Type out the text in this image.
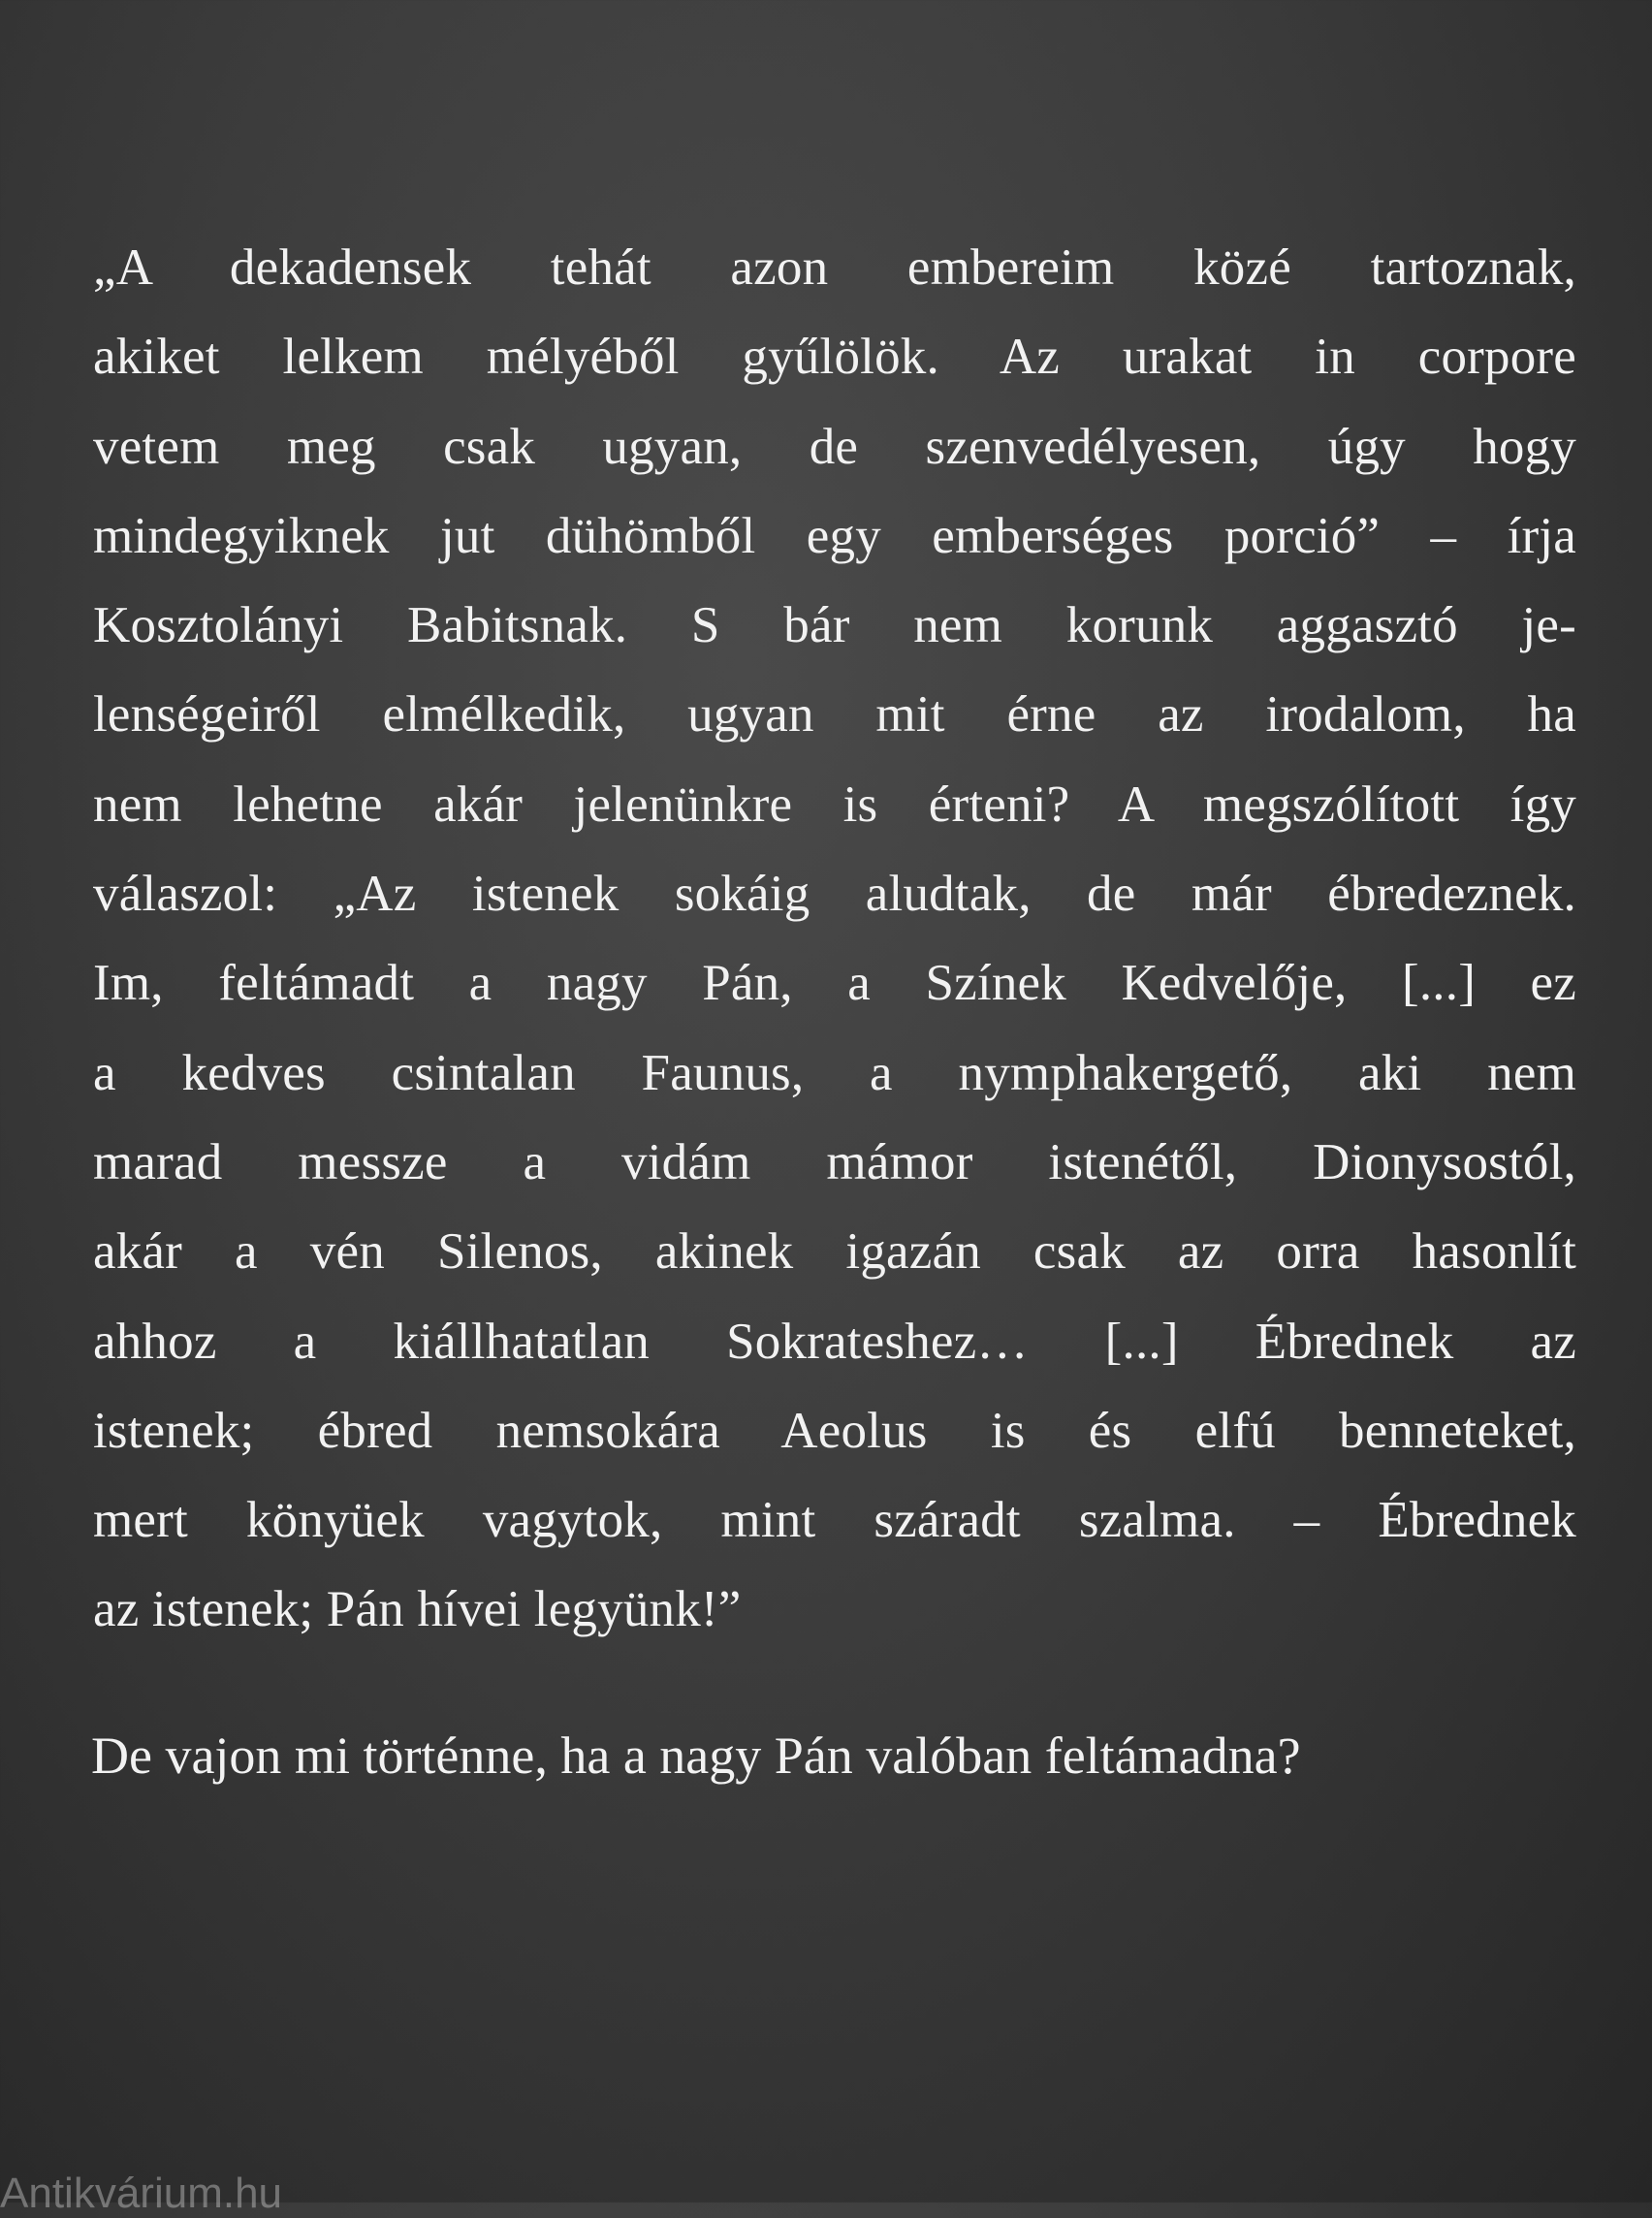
„A dekadensek tehát azon embereim közé tartoznak,
akiket lelkem mélyéből gyűlölök. Az urakat in corpore
vetem meg csak ugyan, de szenvedélyesen, úgy hogy
mindegyiknek jut dühömből egy emberséges porció” – írja
Kosztolányi Babitsnak. S bár nem korunk aggasztó je-
lenségeiről elmélkedik, ugyan mit érne az irodalom, ha
nem lehetne akár jelenünkre is érteni? A megszólított így
válaszol: „Az istenek sokáig aludtak, de már ébredeznek.
Im, feltámadt a nagy Pán, a Színek Kedvelője, [...] ez
a kedves csintalan Faunus, a nymphakergető, aki nem
marad messze a vidám mámor istenétől, Dionysostól,
akár a vén Silenos, akinek igazán csak az orra hasonlít
ahhoz a kiállhatatlan Sokrateshez… [...] Ébrednek az
istenek; ébred nemsokára Aeolus is és elfú benneteket,
mert könyüek vagytok, mint száradt szalma. – Ébrednek
az istenek; Pán hívei legyünk!”
De vajon mi történne, ha a nagy Pán valóban feltámadna?
Antikvárium.hu
